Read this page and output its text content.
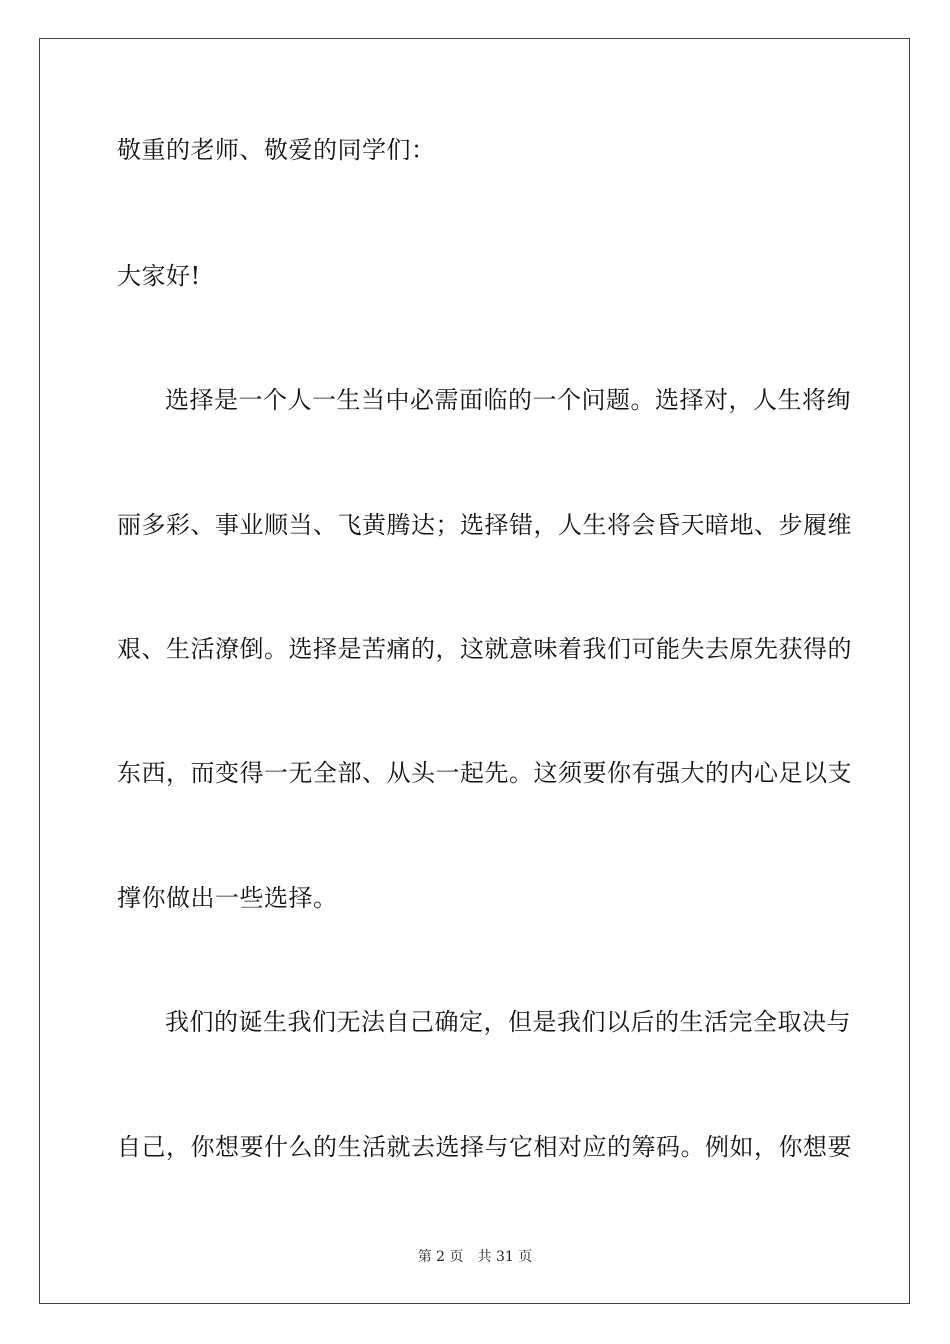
敬重的老师、敬爱的同学们：
大家好!
选择是一个人一生当中必需面临的一个问题。选择对，人生将绚
丽多彩、事业顺当、飞黄腾达；选择错，人生将会昏天暗地、步履维
艰、生活潦倒。选择是苦痛的，这就意味着我们可能失去原先获得的
东西，而变得一无全部、从头一起先。这须要你有强大的内心足以支
撑你做出一些选择。
我们的诞生我们无法自己确定，但是我们以后的生活完全取决与
自己，你想要什么的生活就去选择与它相对应的筹码。例如，你想要
第 2 页 共 31 页
